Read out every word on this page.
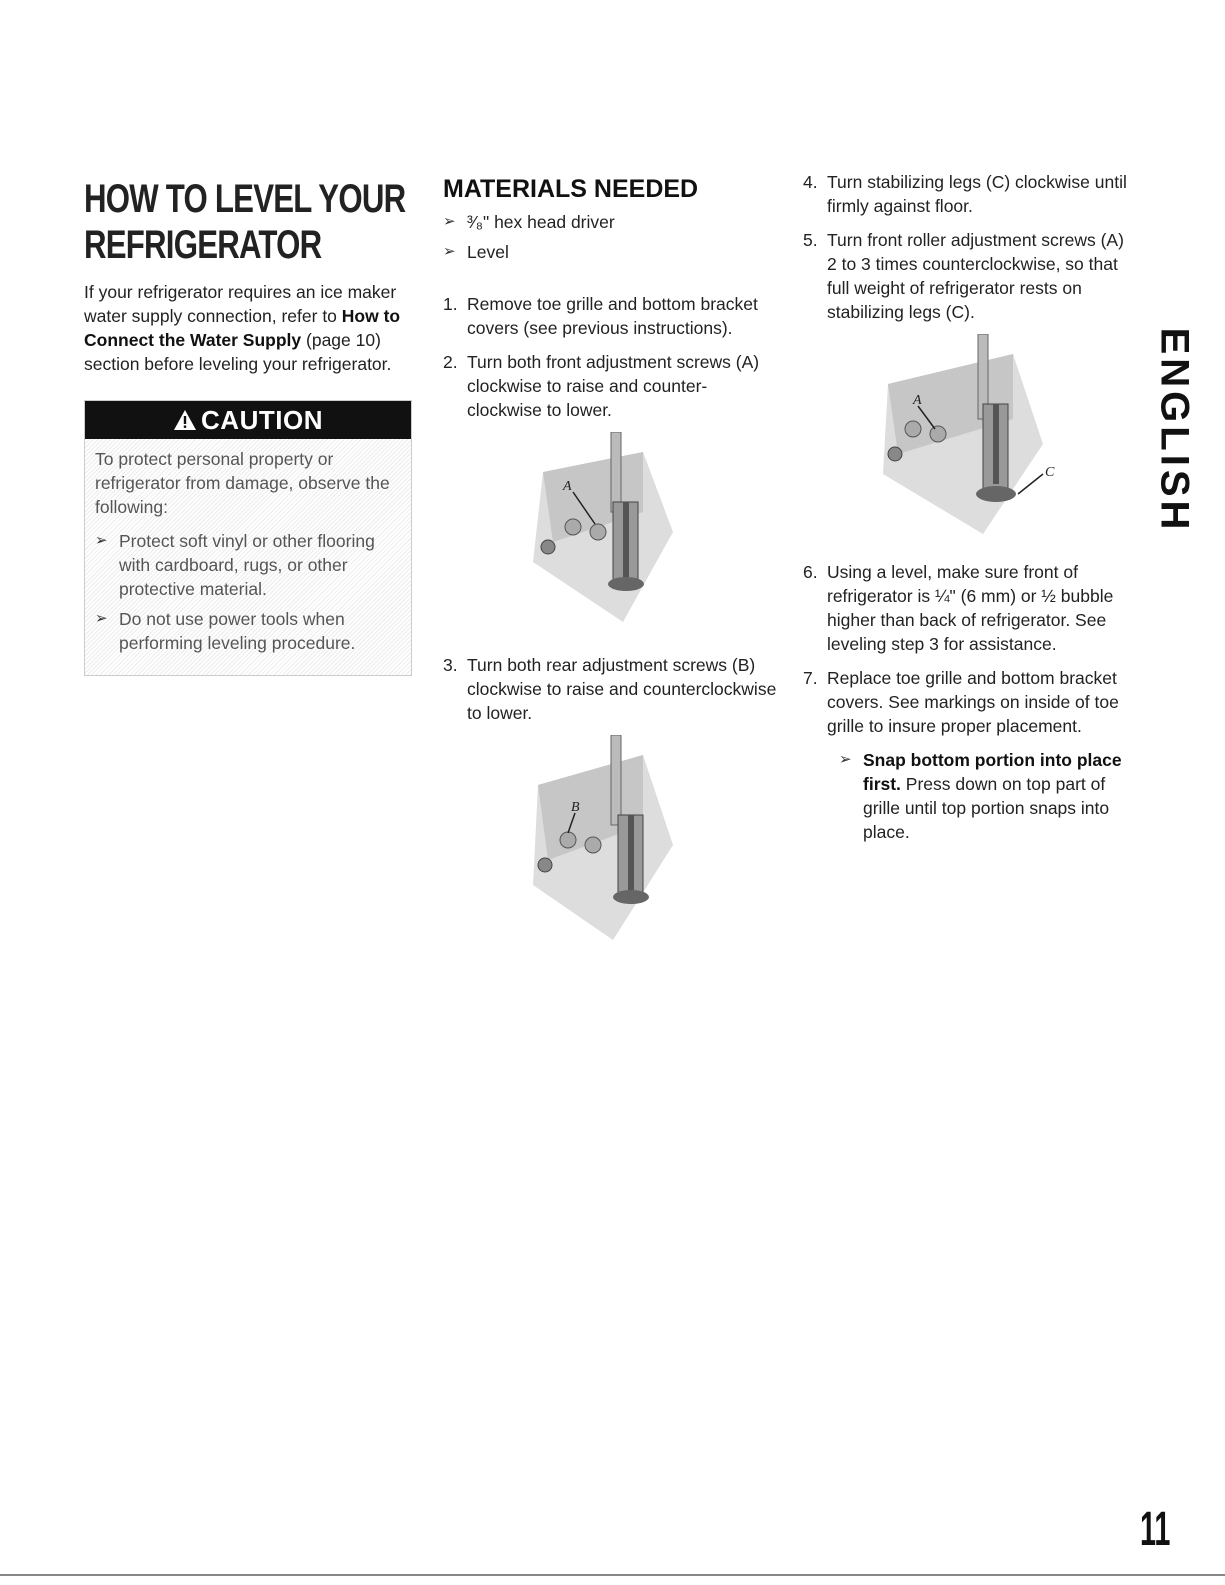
HOW TO LEVEL YOUR REFRIGERATOR

If your refrigerator requires an ice maker water supply connection, refer to How to Connect the Water Supply (page 10) section before leveling your refrigerator.

CAUTION

To protect personal property or refrigerator from damage, observe the following:

➢ Protect soft vinyl or other flooring with cardboard, rugs, or other protective material.
➢ Do not use power tools when performing leveling procedure.
MATERIALS NEEDED
➢ ³⁄₈" hex head driver
➢ Level
1. Remove toe grille and bottom bracket covers (see previous instructions).
2. Turn both front adjustment screws (A) clockwise to raise and counter-clockwise to lower.
A
3. Turn both rear adjustment screws (B) clockwise to raise and counterclockwise to lower.
B
4. Turn stabilizing legs (C) clockwise until firmly against floor.
5. Turn front roller adjustment screws (A) 2 to 3 times counterclockwise, so that full weight of refrigerator rests on stabilizing legs (C).
A
C
6. Using a level, make sure front of refrigerator is ¼" (6 mm) or ½ bubble higher than back of refrigerator. See leveling step 3 for assistance.
7. Replace toe grille and bottom bracket covers. See markings on inside of toe grille to insure proper placement.
➢ Snap bottom portion into place first. Press down on top part of grille until top portion snaps into place.
ENGLISH
11
